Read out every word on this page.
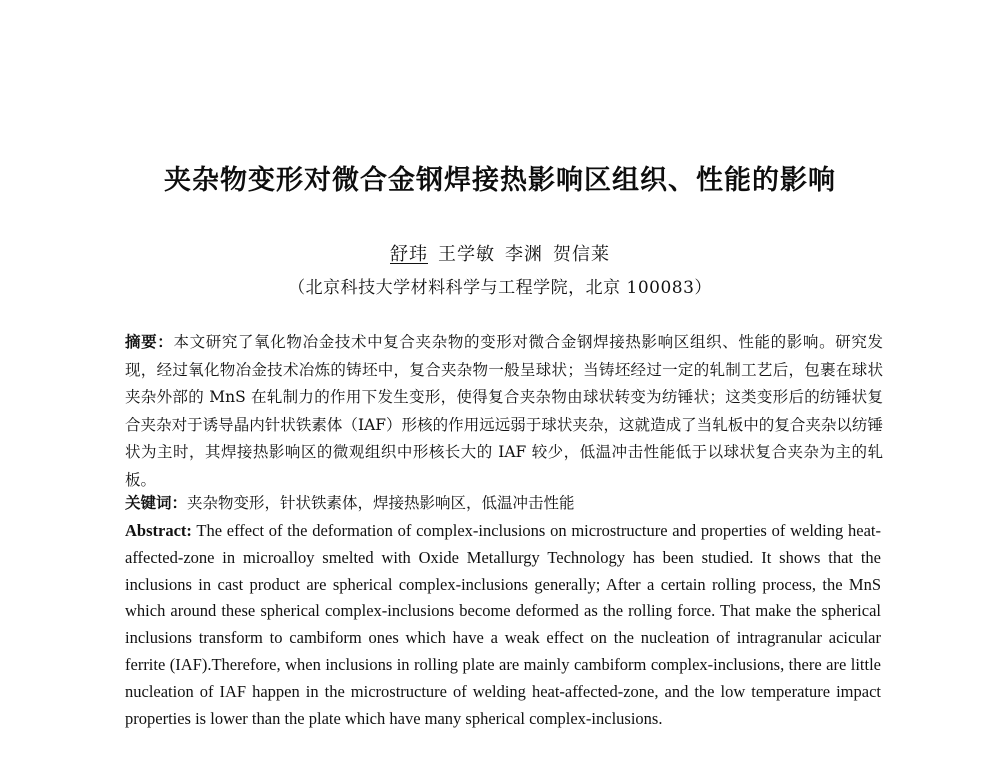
夹杂物变形对微合金钢焊接热影响区组织、性能的影响
舒玮 王学敏 李渊 贺信莱
（北京科技大学材料科学与工程学院，北京 100083）
摘要：本文研究了氧化物冶金技术中复合夹杂物的变形对微合金钢焊接热影响区组织、性能的影响。研究发现，经过氧化物冶金技术冶炼的铸坯中，复合夹杂物一般呈球状；当铸坯经过一定的轧制工艺后，包裹在球状夹杂外部的 MnS 在轧制力的作用下发生变形，使得复合夹杂物由球状转变为纺锤状；这类变形后的纺锤状复合夹杂对于诱导晶内针状铁素体（IAF）形核的作用远远弱于球状夹杂，这就造成了当轧板中的复合夹杂以纺锤状为主时，其焊接热影响区的微观组织中形核长大的 IAF 较少，低温冲击性能低于以球状复合夹杂为主的轧板。
关键词：夹杂物变形，针状铁素体，焊接热影响区，低温冲击性能
Abstract: The effect of the deformation of complex-inclusions on microstructure and properties of welding heat-affected-zone in microalloy smelted with Oxide Metallurgy Technology has been studied. It shows that the inclusions in cast product are spherical complex-inclusions generally; After a certain rolling process, the MnS which around these spherical complex-inclusions become deformed as the rolling force. That make the spherical inclusions transform to cambiform ones which have a weak effect on the nucleation of intragranular acicular ferrite (IAF).Therefore, when inclusions in rolling plate are mainly cambiform complex-inclusions, there are little nucleation of IAF happen in the microstructure of welding heat-affected-zone, and the low temperature impact properties is lower than the plate which have many spherical complex-inclusions.
